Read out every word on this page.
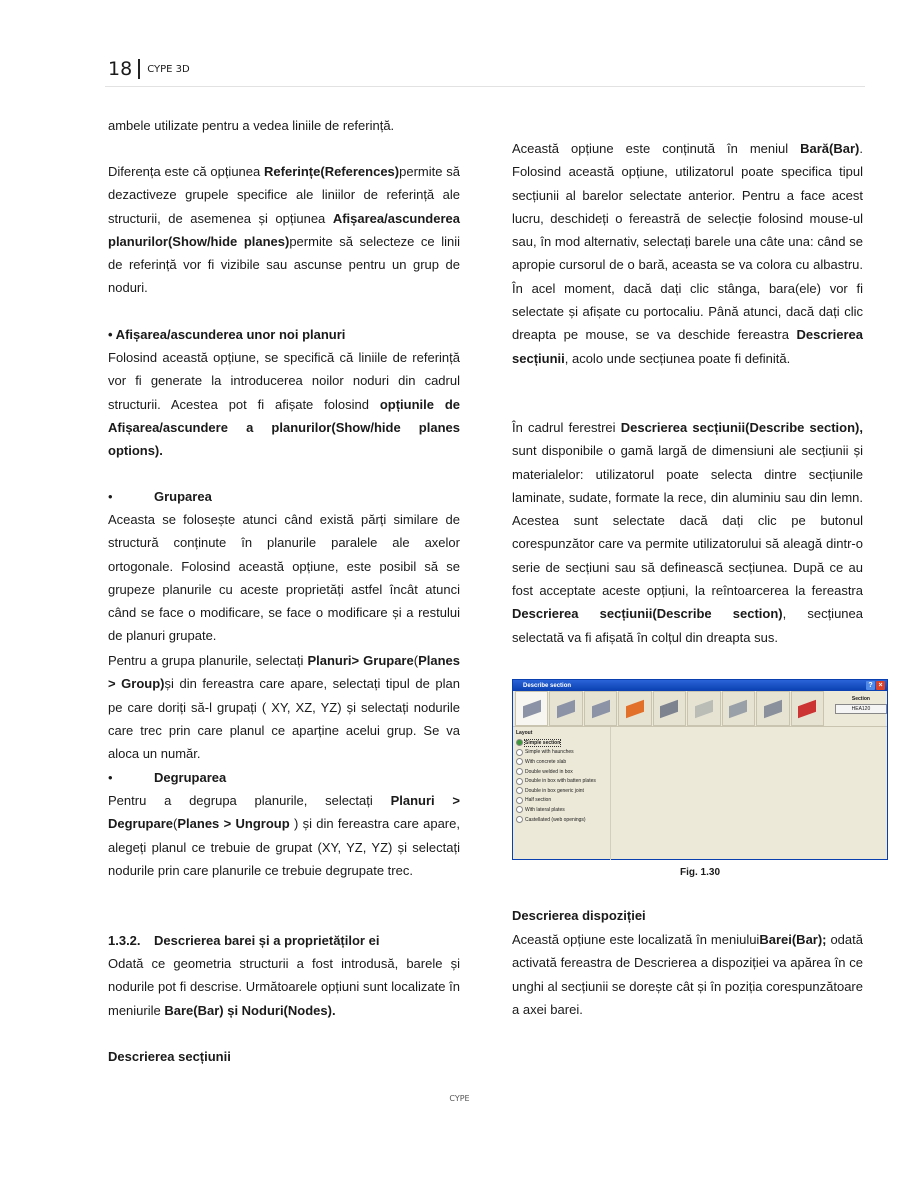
18 CYPE 3D

ambele utilizate pentru a vedea liniile de referință.

Diferența este că opțiunea Referințe(References)permite să dezactiveze grupele specifice ale liniilor de referință ale structurii, de asemenea și opțiunea Afișarea/ascunderea planurilor(Show/hide planes)permite să selecteze ce linii de referință vor fi vizibile sau ascunse pentru un grup de noduri.

• Afișarea/ascunderea unor noi planuri

Folosind această opțiune, se specifică că liniile de referință vor fi generate la introducerea noilor noduri din cadrul structurii. Acestea pot fi afișate folosind opțiunile de Afișarea/ascundere a planurilor(Show/hide planes options).

•	Gruparea

Aceasta se folosește atunci când există părți similare de structură conținute în planurile paralele ale axelor ortogonale. Folosind această opțiune, este posibil să se grupeze planurile cu aceste proprietăți astfel încât atunci când se face o modificare, se face o modificare și a restului de planuri grupate.

Pentru a grupa planurile, selectați Planuri> Grupare(Planes > Group)și din fereastra care apare, selectați tipul de plan pe care doriți să-l grupați ( XY, XZ, YZ) și selectați nodurile care trec prin care planul ce aparține acelui grup. Se va aloca un număr.

•	Degruparea

Pentru a degrupa planurile, selectați Planuri > Degrupare(Planes > Ungroup ) și din fereastra care apare, alegeți planul ce trebuie de grupat (XY, YZ, YZ) și selectați nodurile prin care planurile ce trebuie degrupate trec.

1.3.2. Descrierea barei și a proprietăților ei

Odată ce geometria structurii a fost introdusă, barele și nodurile pot fi descrise. Următoarele opțiuni sunt localizate în meniurile Bare(Bar) și Noduri(Nodes).

Descrierea secțiunii

Această opțiune este conținută în meniul Bară(Bar). Folosind această opțiune, utilizatorul poate specifica tipul secțiunii al barelor selectate anterior. Pentru a face acest lucru, deschideți o fereastră de selecție folosind mouse-ul sau, în mod alternativ, selectați barele una câte una: când se apropie cursorul de o bară, aceasta se va colora cu albastru. În acel moment, dacă dați clic stânga, bara(ele) vor fi selectate și afișate cu portocaliu. Până atunci, dacă dați clic dreapta pe mouse, se va deschide fereastra Descrierea secțiunii, acolo unde secțiunea poate fi definită.

În cadrul ferestrei Descrierea secțiunii(Describe section), sunt disponibile o gamă largă de dimensiuni ale secțiunii și materialelor: utilizatorul poate selecta dintre secțiunile laminate, sudate, formate la rece, din aluminiu sau din lemn. Acestea sunt selectate dacă dați clic pe butonul corespunzător care va permite utilizatorului să aleagă dintr-o serie de secțiuni sau să definească secțiunea. După ce au fost acceptate aceste opțiuni, la reîntoarcerea la fereastra Descrierea secțiunii(Describe section), secțiunea selectată va fi afișată în colțul din dreapta sus.

Descrierea dispoziției

Această opțiune este localizată în meniuluiBarei(Bar); odată activată fereastra de Descrierea a dispoziției va apărea în ce unghi al secțiunii se dorește cât și în poziția corespunzătoare a axei barei.

Describe section	? ×
Section
HEA120
Layout
Simple section
Simple with haunches
With concrete slab
Double welded in box
Double in box with batten plates
Double in box generic joint
Half section
With lateral plates
Castellated (web openings)
Fig. 1.30
CYPE
